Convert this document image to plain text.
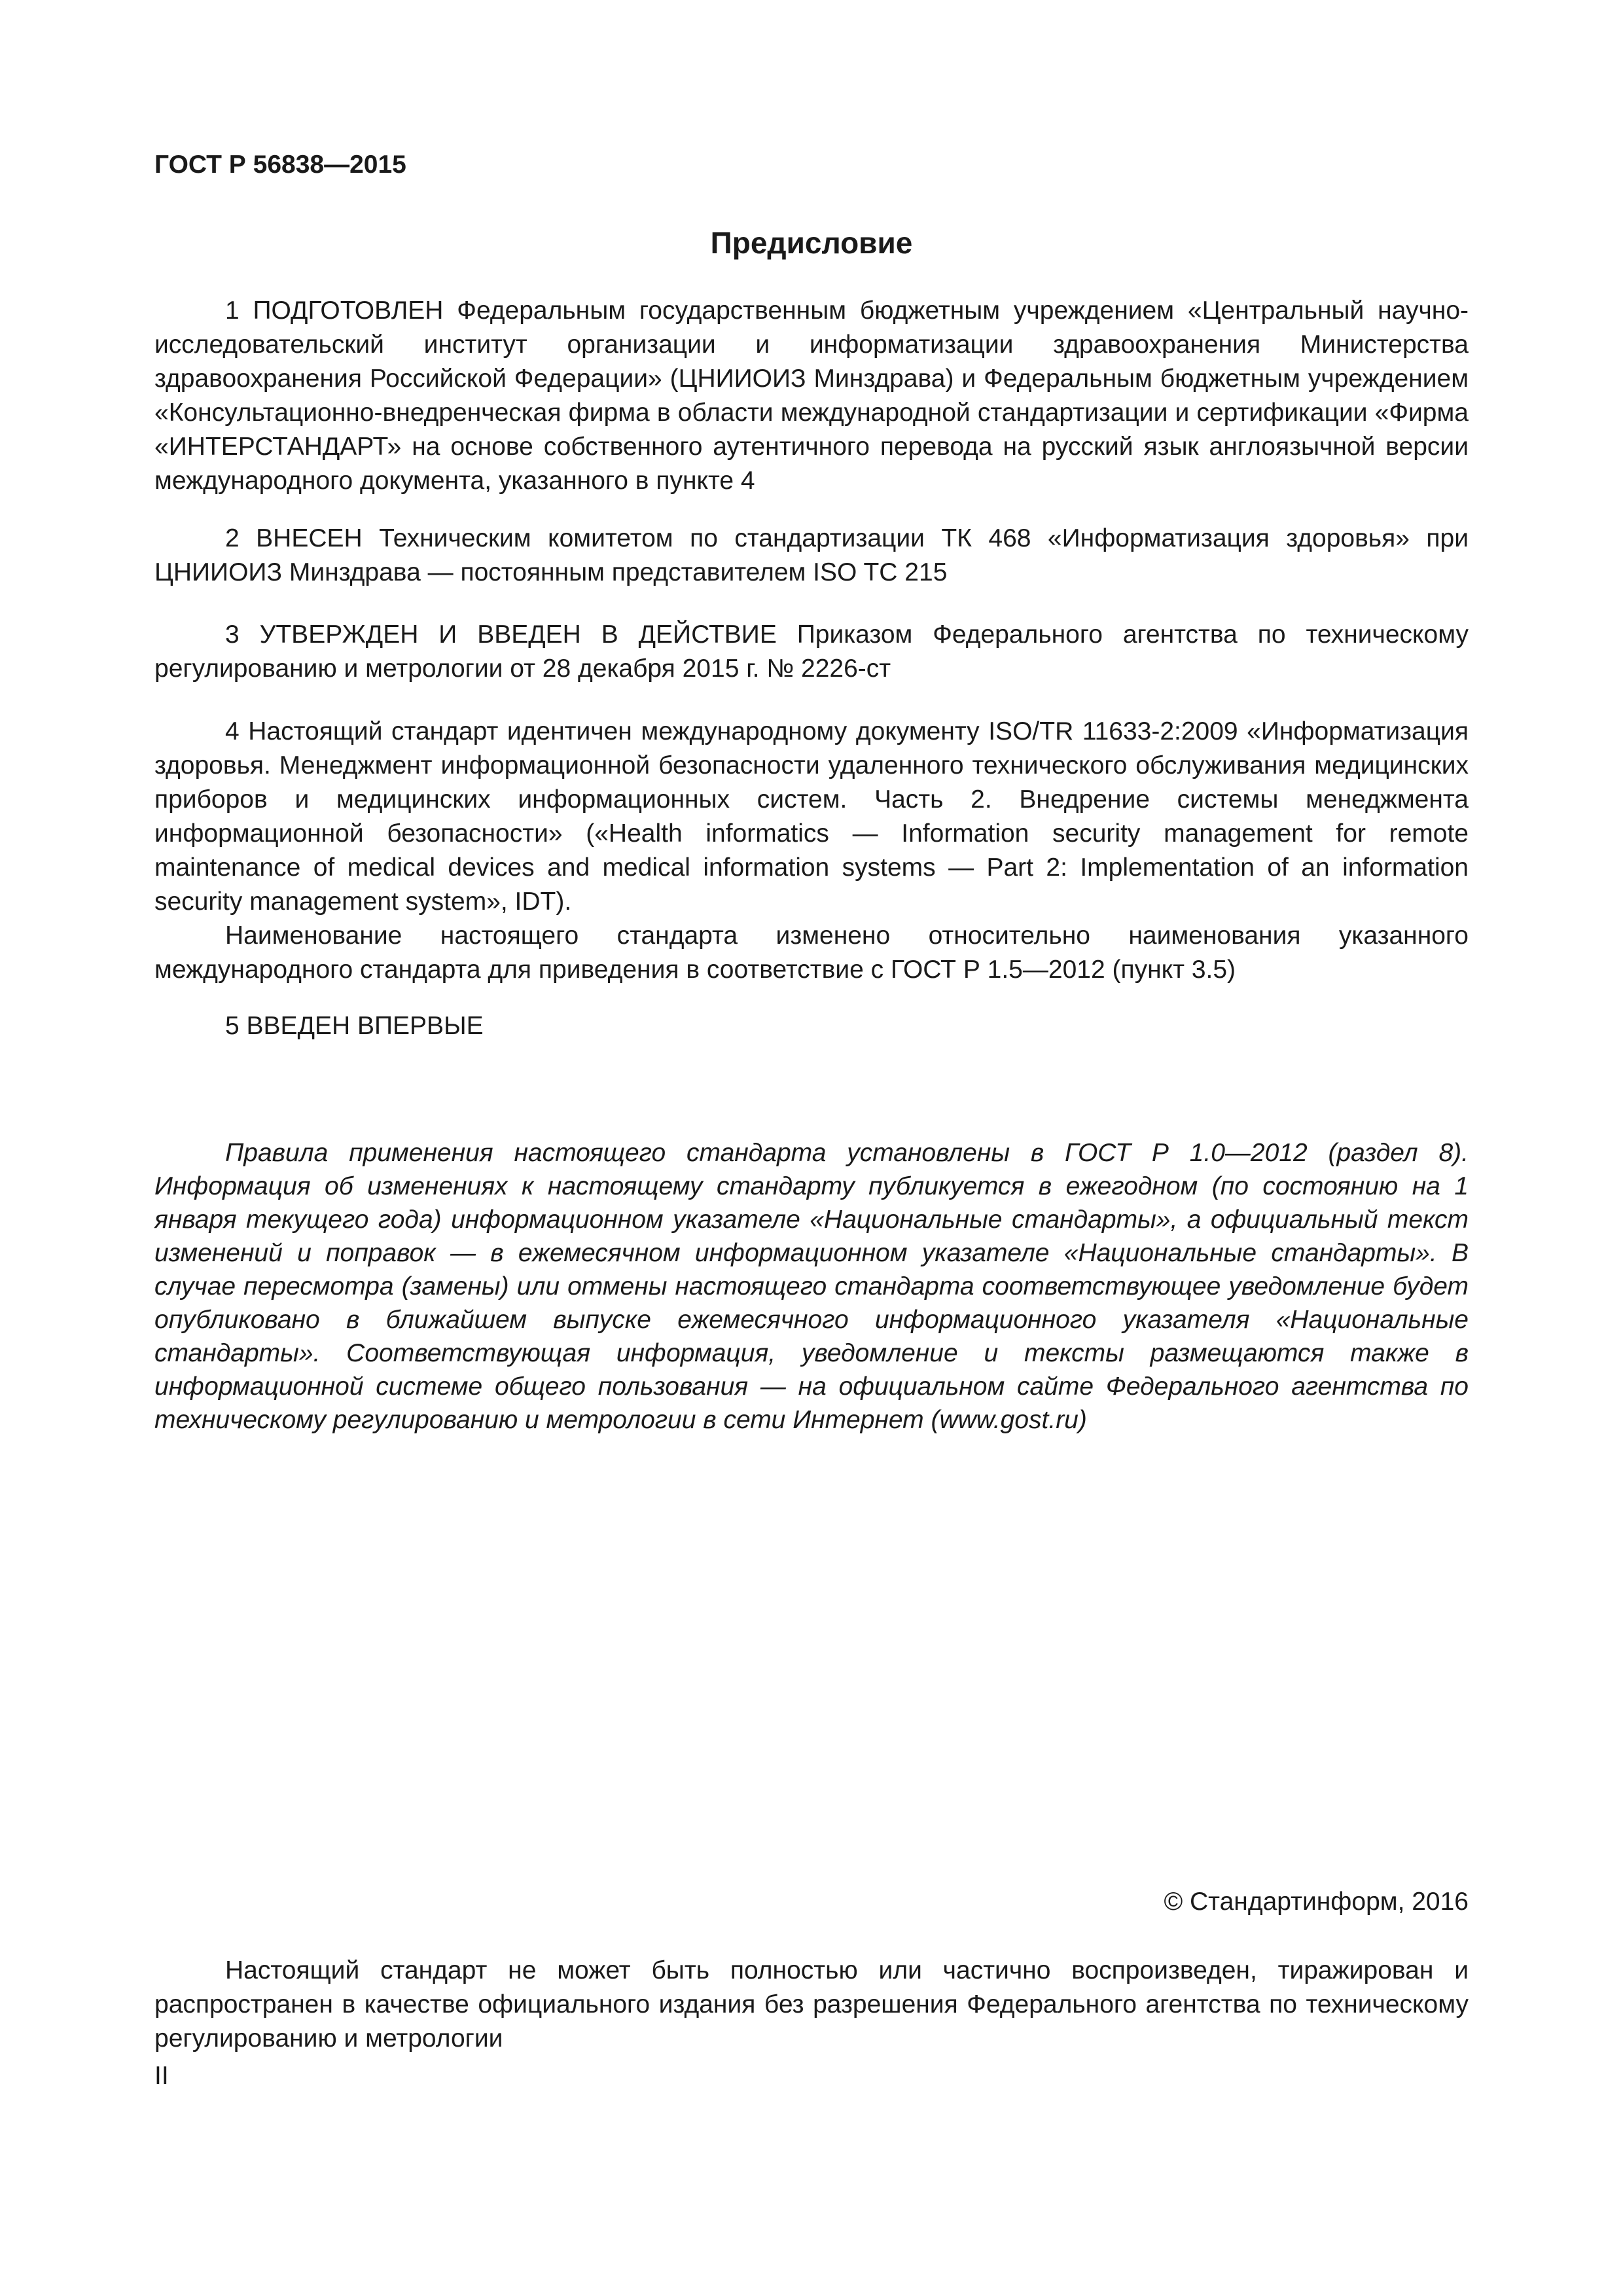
ГОСТ Р 56838—2015
Предисловие

1 ПОДГОТОВЛЕН Федеральным государственным бюджетным учреждением «Центральный научно-исследовательский институт организации и информатизации здравоохранения Министерства здравоохранения Российской Федерации» (ЦНИИОИЗ Минздрава) и Федеральным бюджетным учреждением «Консультационно-внедренческая фирма в области международной стандартизации и сертификации «Фирма «ИНТЕРСТАНДАРТ» на основе собственного аутентичного перевода на русский язык англоязычной версии международного документа, указанного в пункте 4

2 ВНЕСЕН Техническим комитетом по стандартизации ТК 468 «Информатизация здоровья» при ЦНИИОИЗ Минздрава — постоянным представителем ISO TC 215

3 УТВЕРЖДЕН И ВВЕДЕН В ДЕЙСТВИЕ Приказом Федерального агентства по техническому регулированию и метрологии от 28 декабря 2015 г. № 2226-ст

4 Настоящий стандарт идентичен международному документу ISO/TR 11633-2:2009 «Информатизация здоровья. Менеджмент информационной безопасности удаленного технического обслуживания медицинских приборов и медицинских информационных систем. Часть 2. Внедрение системы менеджмента информационной безопасности» («Health informatics — Information security management for remote maintenance of medical devices and medical information systems — Part 2: Implementation of an information security management system», IDT).

Наименование настоящего стандарта изменено относительно наименования указанного международного стандарта для приведения в соответствие с ГОСТ Р 1.5—2012 (пункт 3.5)

5 ВВЕДЕН ВПЕРВЫЕ

Правила применения настоящего стандарта установлены в ГОСТ Р 1.0—2012 (раздел 8). Информация об изменениях к настоящему стандарту публикуется в ежегодном (по состоянию на 1 января текущего года) информационном указателе «Национальные стандарты», а официальный текст изменений и поправок — в ежемесячном информационном указателе «Национальные стандарты». В случае пересмотра (замены) или отмены настоящего стандарта соответствующее уведомление будет опубликовано в ближайшем выпуске ежемесячного информационного указателя «Национальные стандарты». Соответствующая информация, уведомление и тексты размещаются также в информационной системе общего пользования — на официальном сайте Федерального агентства по техническому регулированию и метрологии в сети Интернет (www.gost.ru)

© Стандартинформ, 2016

Настоящий стандарт не может быть полностью или частично воспроизведен, тиражирован и распространен в качестве официального издания без разрешения Федерального агентства по техническому регулированию и метрологии

II
